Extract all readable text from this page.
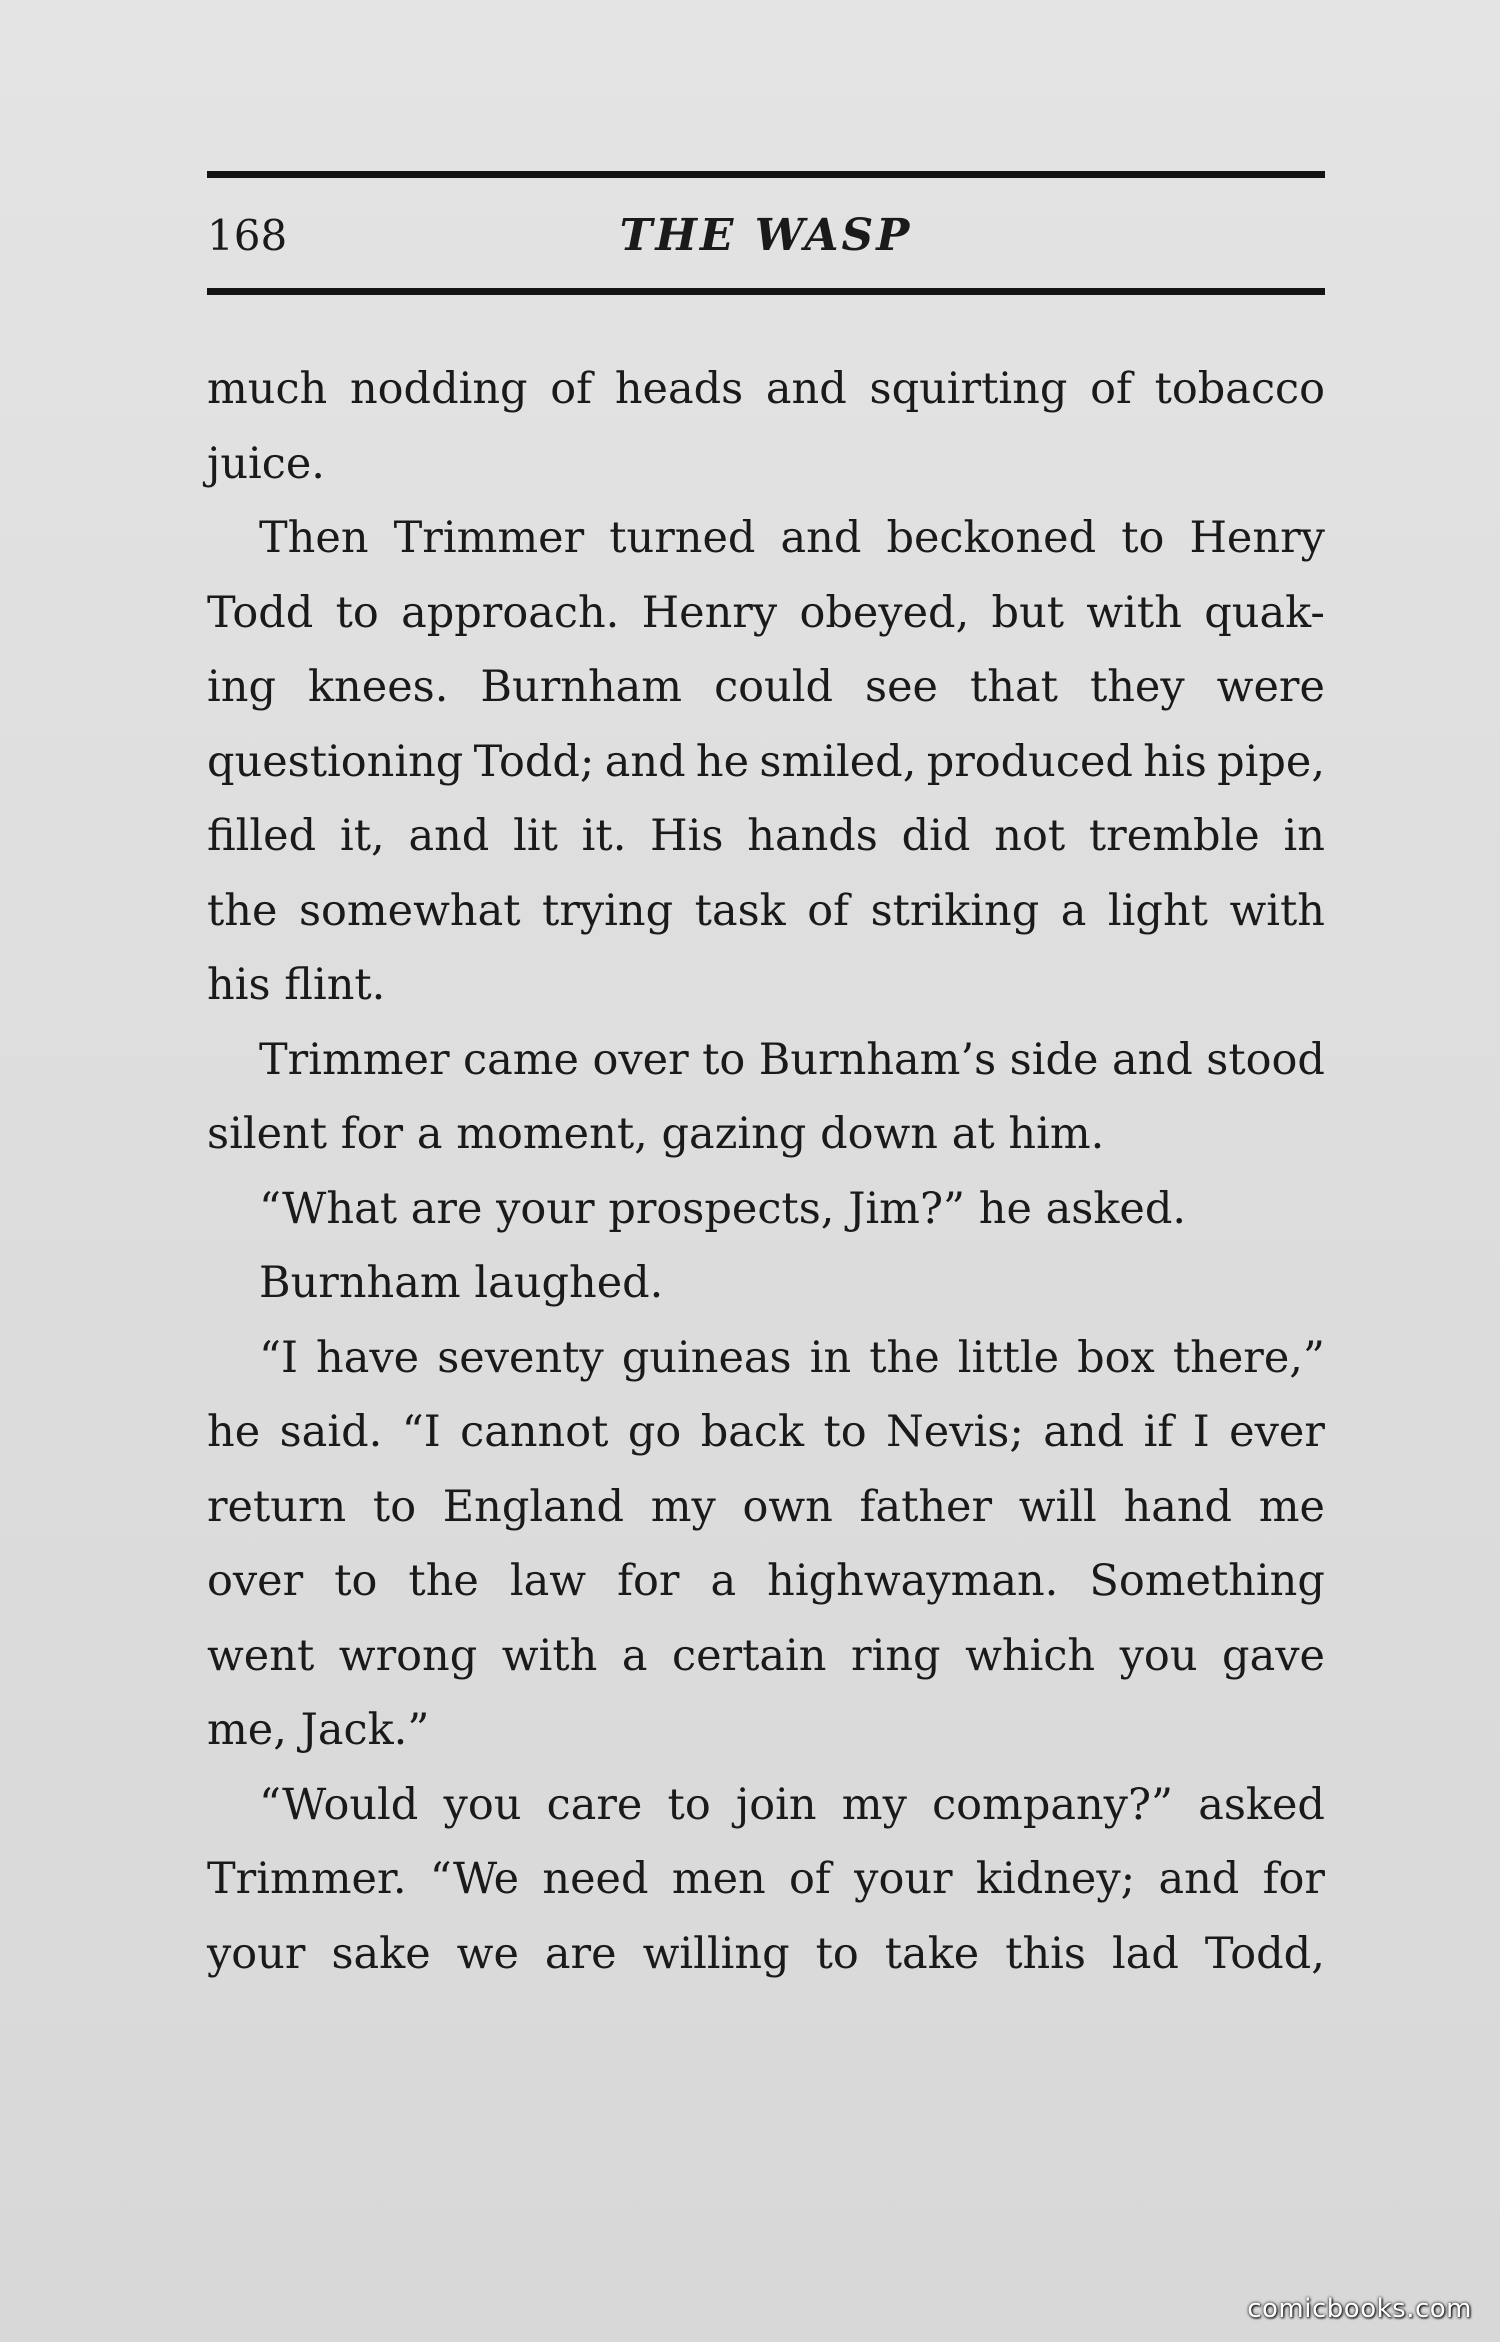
168	THE WASP
much nodding of heads and squirting of tobacco
juice.
Then Trimmer turned and beckoned to Henry
Todd to approach. Henry obeyed, but with quak-
ing knees. Burnham could see that they were
questioning Todd; and he smiled, produced his pipe,
filled it, and lit it. His hands did not tremble in
the somewhat trying task of striking a light with
his flint.
Trimmer came over to Burnham’s side and stood
silent for a moment, gazing down at him.
“What are your prospects, Jim?” he asked.
Burnham laughed.
“I have seventy guineas in the little box there,”
he said. “I cannot go back to Nevis; and if I ever
return to England my own father will hand me
over to the law for a highwayman. Something
went wrong with a certain ring which you gave
me, Jack.”
“Would you care to join my company?” asked
Trimmer. “We need men of your kidney; and for
your sake we are willing to take this lad Todd,
comicbooks.com
